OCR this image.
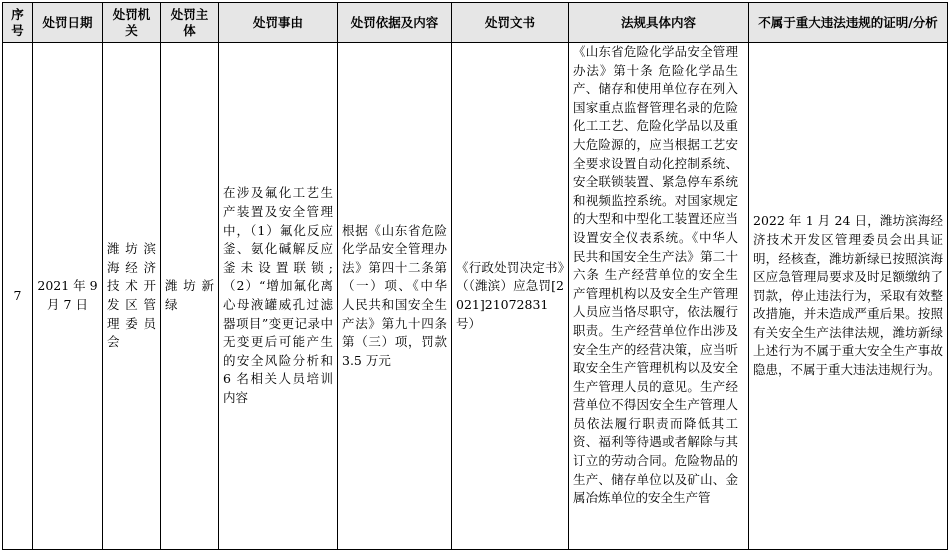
序号	处罚日期	处罚机关	处罚主体	处罚事由	处罚依据及内容	处罚文书	法规具体内容	不属于重大违法违规的证明/分析
7	2021 年 9 月 7 日	潍坊滨海经济技术开发区管理委员会	潍坊新绿	在涉及氟化工艺生产装置及安全管理中，（1）氟化反应釜、氨化碱解反应釜未设置联锁;（2）“增加氟化离心母液罐威孔过滤器项目”变更记录中无变更后可能产生的安全风险分析和 6 名相关人员培训内容	根据《山东省危险化学品安全管理办法》第四十二条第（一）项、《中华人民共和国安全生产法》第九十四条第（三）项，罚款 3.5 万元	《行政处罚决定书》（（潍滨）应急罚[2021]21072831号）	《山东省危险化学品安全管理办法》第十条 危险化学品生产、储存和使用单位存在列入国家重点监督管理名录的危险化工工艺、危险化学品以及重大危险源的，应当根据工艺安全要求设置自动化控制系统、安全联锁装置、紧急停车系统和视频监控系统。对国家规定的大型和中型化工装置还应当设置安全仪表系统。《中华人民共和国安全生产法》第二十六条 生产经营单位的安全生产管理机构以及安全生产管理人员应当恪尽职守，依法履行职责。生产经营单位作出涉及安全生产的经营决策，应当听取安全生产管理机构以及安全生产管理人员的意见。生产经营单位不得因安全生产管理人员依法履行职责而降低其工资、福利等待遇或者解除与其订立的劳动合同。危险物品的生产、储存单位以及矿山、金属冶炼单位的安全生产管	2022 年 1 月 24 日，潍坊滨海经济技术开发区管理委员会出具证明，经核查，潍坊新绿已按照滨海区应急管理局要求及时足额缴纳了罚款，停止违法行为，采取有效整改措施，并未造成严重后果。按照有关安全生产法律法规，潍坊新绿上述行为不属于重大安全生产事故隐患，不属于重大违法违规行为。
